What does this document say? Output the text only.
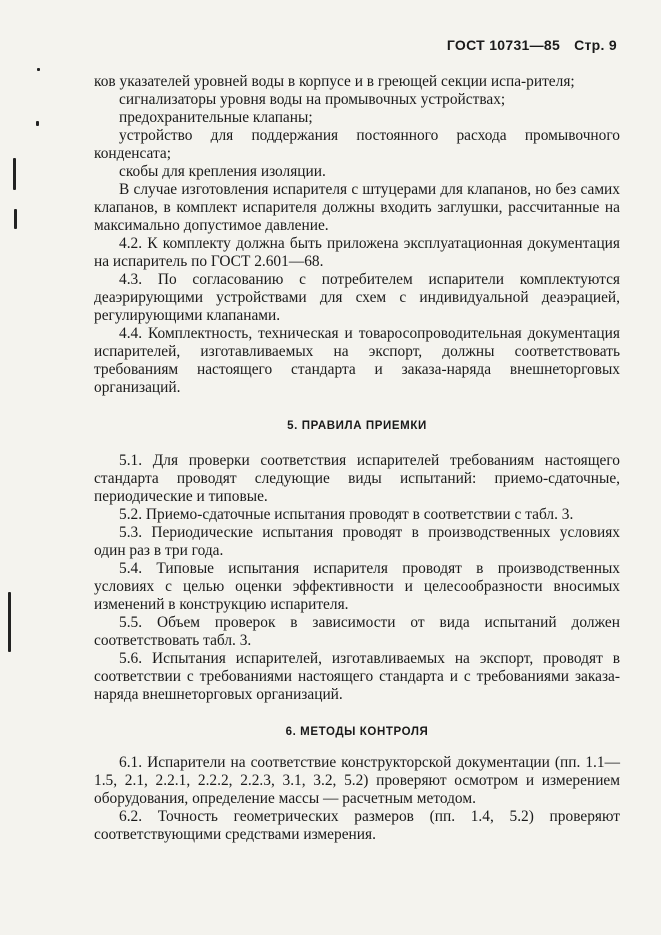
ГОСТ 10731—85 Стр. 9

ков указателей уровней воды в корпусе и в греющей секции испа-рителя;

сигнализаторы уровня воды на промывочных устройствах;

предохранительные клапаны;

устройство для поддержания постоянного расхода промывочного конденсата;

скобы для крепления изоляции.

В случае изготовления испарителя с штуцерами для клапанов, но без самих клапанов, в комплект испарителя должны входить заглушки, рассчитанные на максимально допустимое давление.

4.2. К комплекту должна быть приложена эксплуатационная документация на испаритель по ГОСТ 2.601—68.

4.3. По согласованию с потребителем испарители комплектуются деаэрирующими устройствами для схем с индивидуальной деаэрацией, регулирующими клапанами.

4.4. Комплектность, техническая и товаросопроводительная документация испарителей, изготавливаемых на экспорт, должны соответствовать требованиям настоящего стандарта и заказа-наряда внешнеторговых организаций.

5. ПРАВИЛА ПРИЕМКИ

5.1. Для проверки соответствия испарителей требованиям настоящего стандарта проводят следующие виды испытаний: приемо-сдаточные, периодические и типовые.

5.2. Приемо-сдаточные испытания проводят в соответствии с табл. 3.

5.3. Периодические испытания проводят в производственных условиях один раз в три года.

5.4. Типовые испытания испарителя проводят в производственных условиях с целью оценки эффективности и целесообразности вносимых изменений в конструкцию испарителя.

5.5. Объем проверок в зависимости от вида испытаний должен соответствовать табл. 3.

5.6. Испытания испарителей, изготавливаемых на экспорт, проводят в соответствии с требованиями настоящего стандарта и с требованиями заказа-наряда внешнеторговых организаций.

6. МЕТОДЫ КОНТРОЛЯ

6.1. Испарители на соответствие конструкторской документации (пп. 1.1—1.5, 2.1, 2.2.1, 2.2.2, 2.2.3, 3.1, 3.2, 5.2) проверяют осмотром и измерением оборудования, определение массы — расчетным методом.

6.2. Точность геометрических размеров (пп. 1.4, 5.2) проверяют соответствующими средствами измерения.
